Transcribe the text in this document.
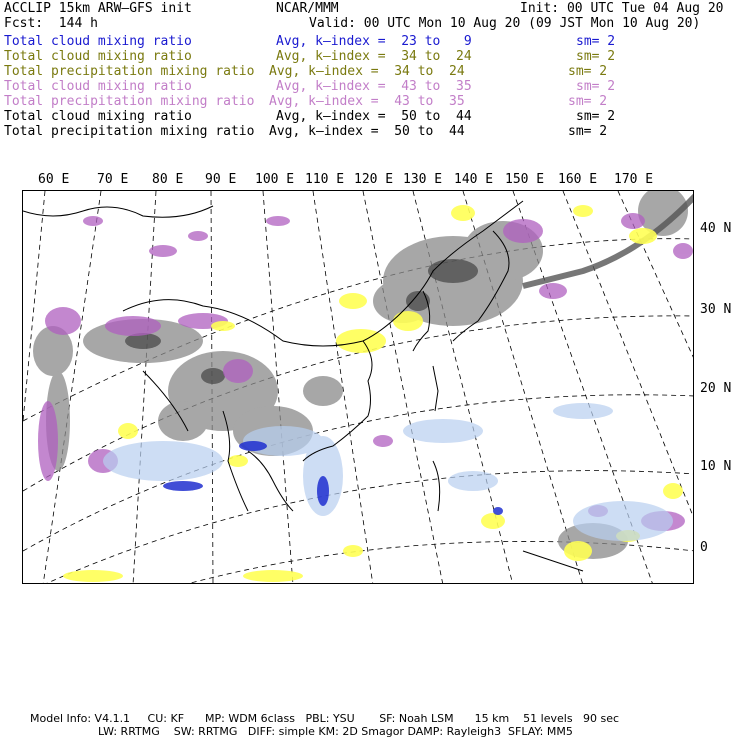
ACCLIP 15km ARW–GFS init	NCAR/MMM	Init: 00 UTC Tue 04 Aug 20
Fcst:  144 h	Valid: 00 UTC Mon 10 Aug 20 (09 JST Mon 10 Aug 20)
Total cloud mixing ratio	Avg, k–index =  23 to   9	sm= 2
Total cloud mixing ratio	Avg, k–index =  34 to  24	sm= 2
Total precipitation mixing ratio Avg, k–index =  34 to  24	sm= 2
Total cloud mixing ratio	Avg, k–index =  43 to  35	sm= 2
Total precipitation mixing ratio Avg, k–index =  43 to  35	sm= 2
Total cloud mixing ratio	Avg, k–index =  50 to  44	sm= 2
Total precipitation mixing ratio Avg, k–index =  50 to  44	sm= 2
60 E 70 E 80 E 90 E 100 E 110 E 120 E 130 E 140 E 150 E 160 E 170 E
40 N
30 N
20 N
10 N
0
Model Info: V4.1.1     CU: KF      MP: WDM 6class   PBL: YSU       SF: Noah LSM      15 km    51 levels   90 sec
LW: RRTMG    SW: RRTMG   DIFF: simple KM: 2D Smagor DAMP: Rayleigh3  SFLAY: MM5
